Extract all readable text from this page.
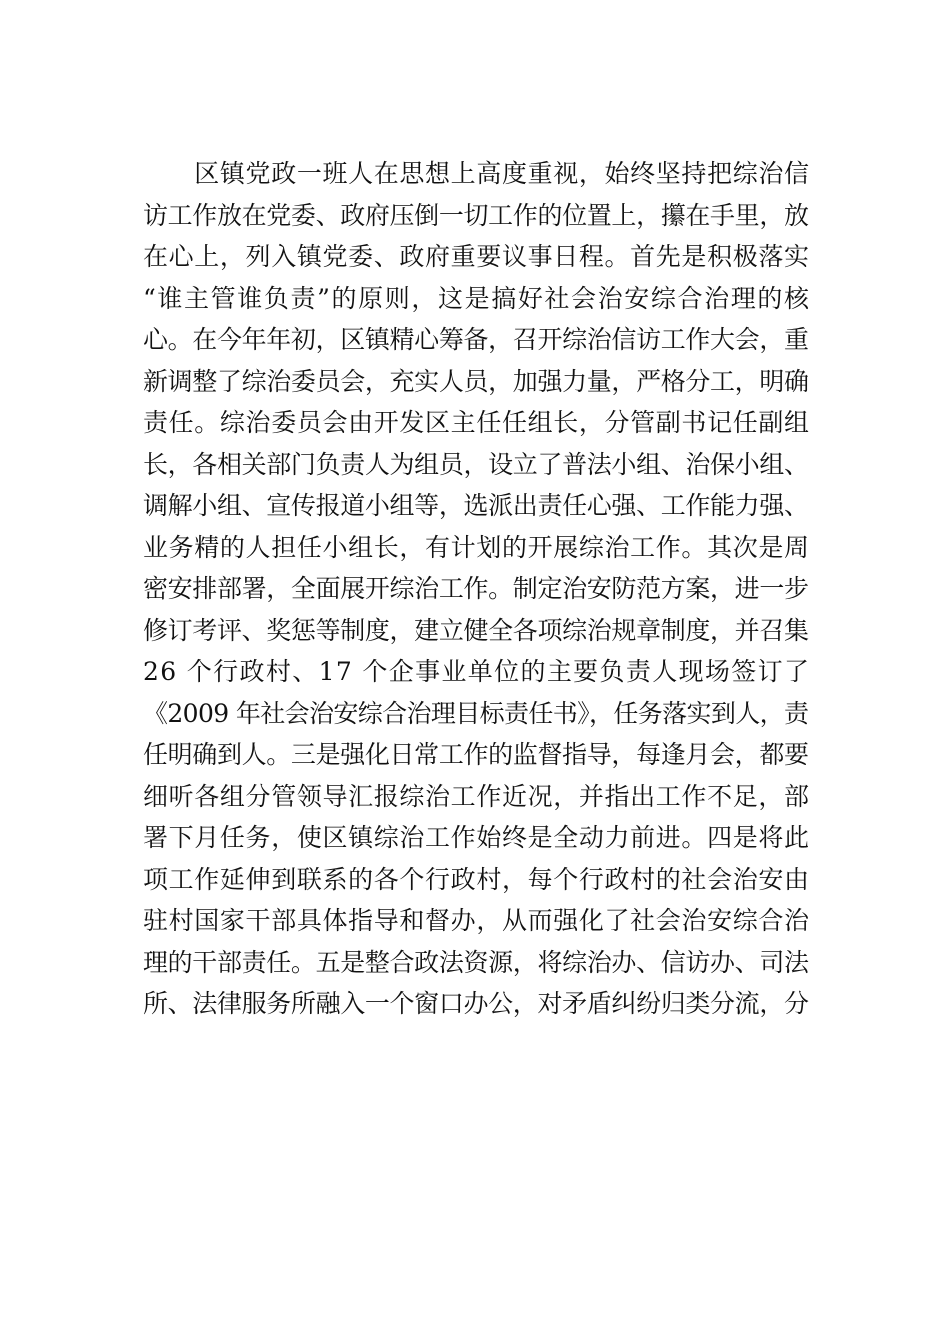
　　区镇党政一班人在思想上高度重视，始终坚持把综治信
访工作放在党委、政府压倒一切工作的位置上，攥在手里，放
在心上，列入镇党委、政府重要议事日程。首先是积极落实
“谁主管谁负责”的原则，这是搞好社会治安综合治理的核
心。在今年年初，区镇精心筹备，召开综治信访工作大会，重
新调整了综治委员会，充实人员，加强力量，严格分工，明确
责任。综治委员会由开发区主任任组长，分管副书记任副组
长，各相关部门负责人为组员，设立了普法小组、治保小组、
调解小组、宣传报道小组等，选派出责任心强、工作能力强、
业务精的人担任小组长，有计划的开展综治工作。其次是周
密安排部署，全面展开综治工作。制定治安防范方案，进一步
修订考评、奖惩等制度，建立健全各项综治规章制度，并召集
26 个行政村、17 个企事业单位的主要负责人现场签订了
《2009 年社会治安综合治理目标责任书》，任务落实到人，责
任明确到人。三是强化日常工作的监督指导，每逢月会，都要
细听各组分管领导汇报综治工作近况，并指出工作不足，部
署下月任务，使区镇综治工作始终是全动力前进。四是将此
项工作延伸到联系的各个行政村，每个行政村的社会治安由
驻村国家干部具体指导和督办，从而强化了社会治安综合治
理的干部责任。五是整合政法资源，将综治办、信访办、司法
所、法律服务所融入一个窗口办公，对矛盾纠纷归类分流，分
